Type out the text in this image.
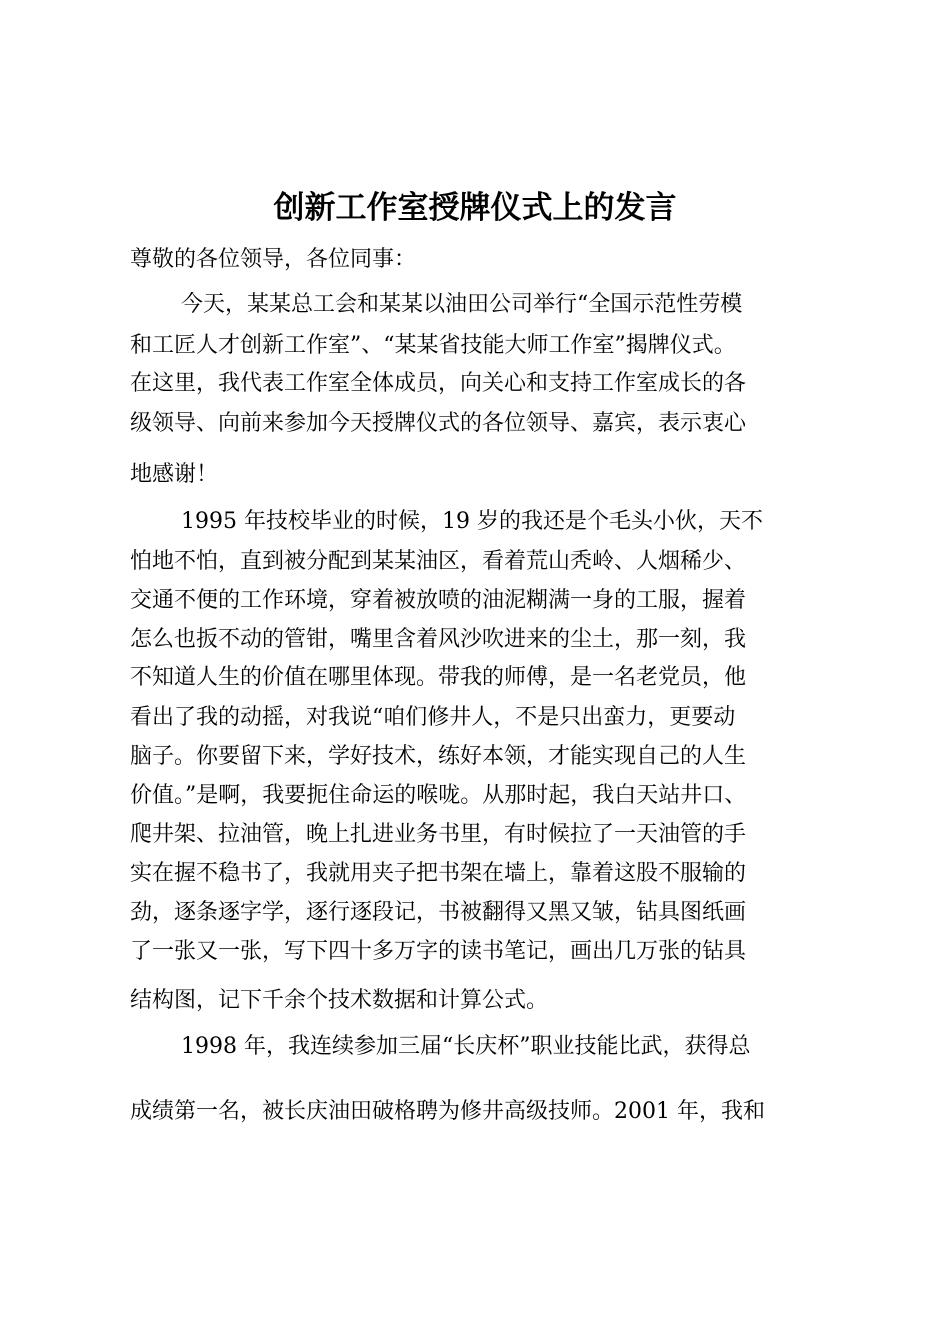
创新工作室授牌仪式上的发言

尊敬的各位领导，各位同事：

今天，某某总工会和某某以油田公司举行“全国示范性劳模

和工匠人才创新工作室”、“某某省技能大师工作室”揭牌仪式。

在这里，我代表工作室全体成员，向关心和支持工作室成长的各

级领导、向前来参加今天授牌仪式的各位领导、嘉宾，表示衷心

地感谢！

1995 年技校毕业的时候，19 岁的我还是个毛头小伙，天不

怕地不怕，直到被分配到某某油区，看着荒山秃岭、人烟稀少、

交通不便的工作环境，穿着被放喷的油泥糊满一身的工服，握着

怎么也扳不动的管钳，嘴里含着风沙吹进来的尘土，那一刻，我

不知道人生的价值在哪里体现。带我的师傅，是一名老党员，他

看出了我的动摇，对我说“咱们修井人，不是只出蛮力，更要动

脑子。你要留下来，学好技术，练好本领，才能实现自己的人生

价值。”是啊，我要扼住命运的喉咙。从那时起，我白天站井口、

爬井架、拉油管，晚上扎进业务书里，有时候拉了一天油管的手

实在握不稳书了，我就用夹子把书架在墙上，靠着这股不服输的

劲，逐条逐字学，逐行逐段记，书被翻得又黑又皱，钻具图纸画

了一张又一张，写下四十多万字的读书笔记，画出几万张的钻具

结构图，记下千余个技术数据和计算公式。

1998 年，我连续参加三届“长庆杯”职业技能比武，获得总

成绩第一名，被长庆油田破格聘为修井高级技师。2001 年，我和
